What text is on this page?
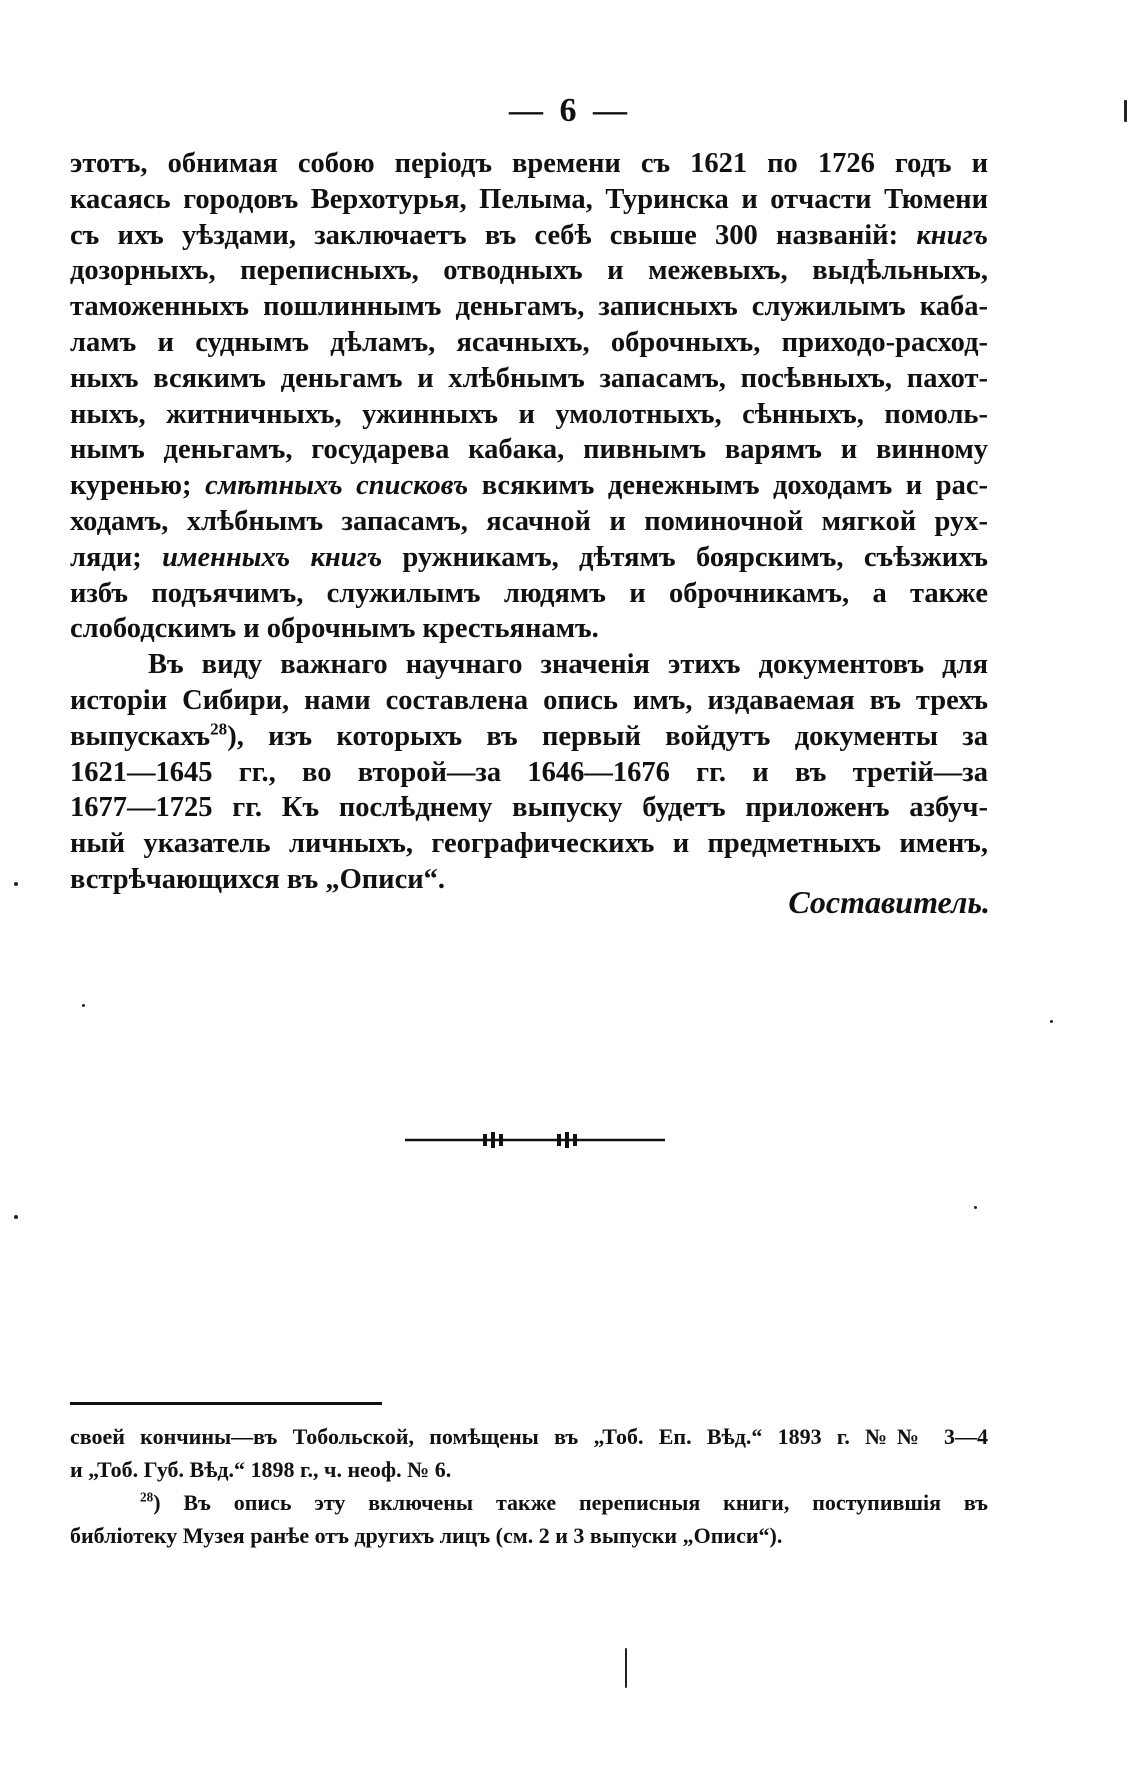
— 6 —
этотъ, обнимая собою періодъ времени съ 1621 по 1726 годъ и
касаясь городовъ Верхотурья, Пелыма, Туринска и отчасти Тюмени
съ ихъ уѣздами, заключаетъ въ себѣ свыше 300 названій: книгъ
дозорныхъ, переписныхъ, отводныхъ и межевыхъ, выдѣльныхъ,
таможенныхъ пошлиннымъ деньгамъ, записныхъ служилымъ каба-
ламъ и суднымъ дѣламъ, ясачныхъ, оброчныхъ, приходо-расход-
ныхъ всякимъ деньгамъ и хлѣбнымъ запасамъ, посѣвныхъ, пахот-
ныхъ, житничныхъ, ужинныхъ и умолотныхъ, сѣнныхъ, помоль-
нымъ деньгамъ, государева кабака, пивнымъ варямъ и винному
куренью; смѣтныхъ списковъ всякимъ денежнымъ доходамъ и рас-
ходамъ, хлѣбнымъ запасамъ, ясачной и поминочной мягкой рух-
ляди; именныхъ книгъ ружникамъ, дѣтямъ боярскимъ, съѣзжихъ
избъ подъячимъ, служилымъ людямъ и оброчникамъ, а также
слободскимъ и оброчнымъ крестьянамъ.
Въ виду важнаго научнаго значенія этихъ документовъ для
исторіи Сибири, нами составлена опись имъ, издаваемая въ трехъ
выпускахъ$^{28}$), изъ которыхъ въ первый войдутъ документы за
1621—1645 гг., во второй—за 1646—1676 гг. и въ третій—за
1677—1725 гг. Къ послѣднему выпуску будетъ приложенъ азбуч-
ный указатель личныхъ, географическихъ и предметныхъ именъ,
встрѣчающихся въ „Описи“.
Составитель.
своей кончины—въ Тобольской, помѣщены въ „Тоб. Еп. Вѣд.“ 1893 г. №№ 3—4
и „Тоб. Губ. Вѣд.“ 1898 г., ч. неоф. № 6.
$^{28}$) Въ опись эту включены также переписныя книги, поступившія въ
библіотеку Музея ранѣе отъ другихъ лицъ (см. 2 и 3 выпуски „Описи“).
